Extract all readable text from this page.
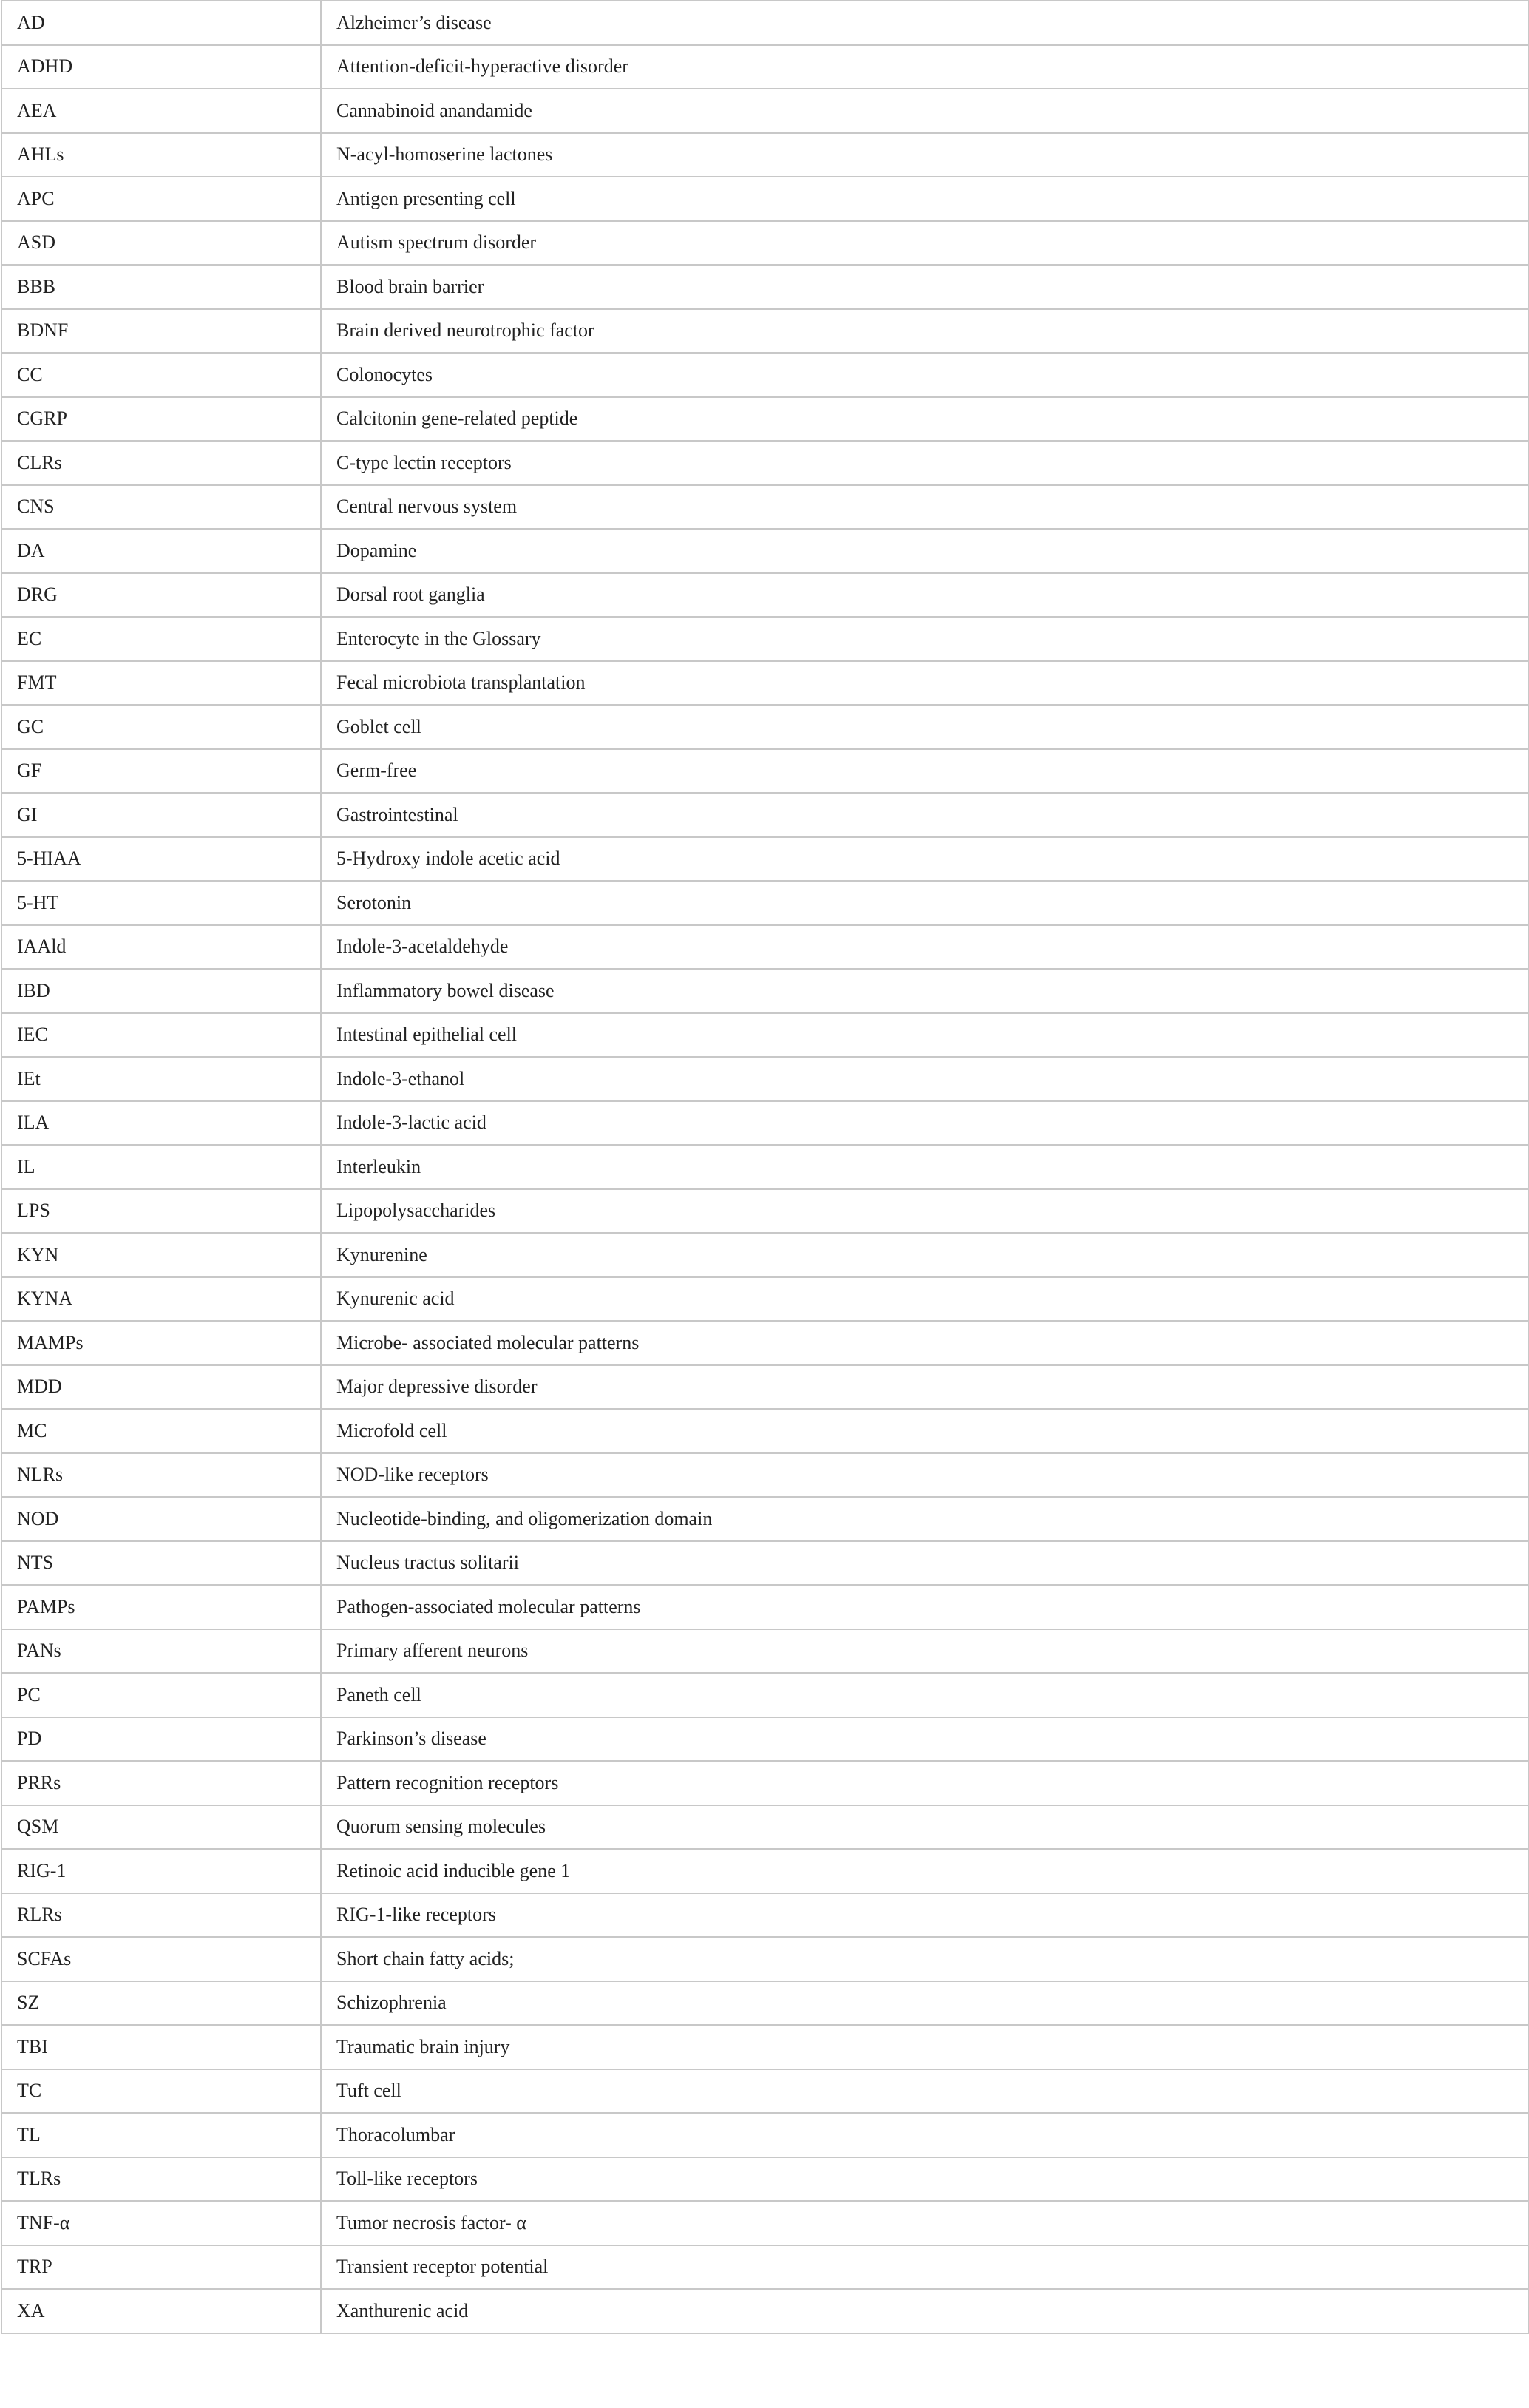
AD	Alzheimer’s disease
ADHD	Attention-deficit-hyperactive disorder
AEA	Cannabinoid anandamide
AHLs	N-acyl-homoserine lactones
APC	Antigen presenting cell
ASD	Autism spectrum disorder
BBB	Blood brain barrier
BDNF	Brain derived neurotrophic factor
CC	Colonocytes
CGRP	Calcitonin gene-related peptide
CLRs	C-type lectin receptors
CNS	Central nervous system
DA	Dopamine
DRG	Dorsal root ganglia
EC	Enterocyte in the Glossary
FMT	Fecal microbiota transplantation
GC	Goblet cell
GF	Germ-free
GI	Gastrointestinal
5-HIAA	5-Hydroxy indole acetic acid
5-HT	Serotonin
IAAld	Indole-3-acetaldehyde
IBD	Inflammatory bowel disease
IEC	Intestinal epithelial cell
IEt	Indole-3-ethanol
ILA	Indole-3-lactic acid
IL	Interleukin
LPS	Lipopolysaccharides
KYN	Kynurenine
KYNA	Kynurenic acid
MAMPs	Microbe- associated molecular patterns
MDD	Major depressive disorder
MC	Microfold cell
NLRs	NOD-like receptors
NOD	Nucleotide-binding, and oligomerization domain
NTS	Nucleus tractus solitarii
PAMPs	Pathogen-associated molecular patterns
PANs	Primary afferent neurons
PC	Paneth cell
PD	Parkinson’s disease
PRRs	Pattern recognition receptors
QSM	Quorum sensing molecules
RIG-1	Retinoic acid inducible gene 1
RLRs	RIG-1-like receptors
SCFAs	Short chain fatty acids;
SZ	Schizophrenia
TBI	Traumatic brain injury
TC	Tuft cell
TL	Thoracolumbar
TLRs	Toll-like receptors
TNF-α	Tumor necrosis factor- α
TRP	Transient receptor potential
XA	Xanthurenic acid
